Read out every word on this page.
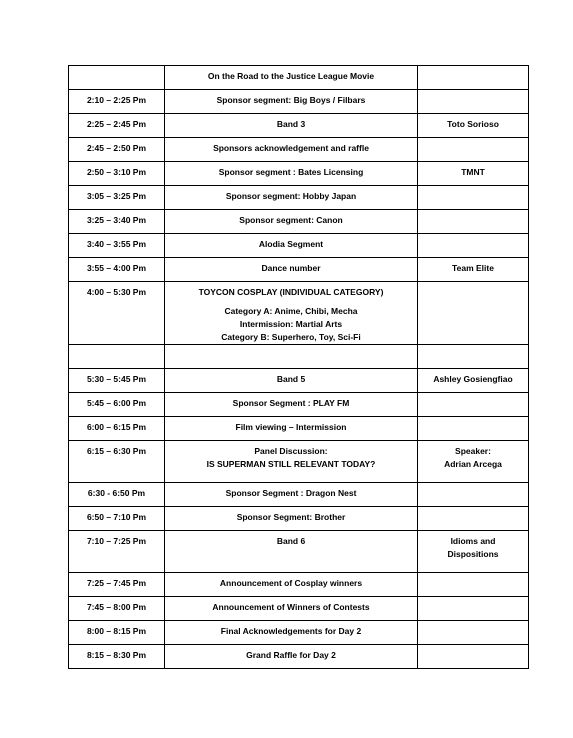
	On the Road to the Justice League Movie	

2:10 – 2:25 Pm	Sponsor segment: Big Boys / Filbars	

2:25 – 2:45 Pm	Band 3	Toto Sorioso

2:45 – 2:50 Pm	Sponsors acknowledgement and raffle	

2:50 – 3:10 Pm	Sponsor segment : Bates Licensing	TMNT

3:05 – 3:25 Pm	Sponsor segment: Hobby Japan	

3:25 – 3:40 Pm	Sponsor segment: Canon	

3:40 – 3:55 Pm	Alodia Segment	

3:55 – 4:00 Pm	Dance number	Team Elite

4:00 – 5:30 Pm	TOYCON COSPLAY (INDIVIDUAL CATEGORY)
Category A: Anime, Chibi, Mecha
Intermission: Martial Arts
Category B: Superhero, Toy, Sci-Fi	

5:30 – 5:45 Pm	Band 5	Ashley Gosiengfiao

5:45 – 6:00 Pm	Sponsor Segment : PLAY FM	

6:00 – 6:15 Pm	Film viewing – Intermission	

6:15 – 6:30 Pm	Panel Discussion:
IS SUPERMAN STILL RELEVANT TODAY?	Speaker:
Adrian Arcega

6:30 - 6:50 Pm	Sponsor Segment : Dragon Nest	

6:50 – 7:10 Pm	Sponsor Segment: Brother	

7:10 – 7:25 Pm	Band 6	Idioms and
Dispositions

7:25 – 7:45 Pm	Announcement of Cosplay winners	

7:45 – 8:00 Pm	Announcement of Winners of Contests	

8:00 – 8:15 Pm	Final Acknowledgements for Day 2	

8:15 – 8:30 Pm	Grand Raffle for Day 2	
